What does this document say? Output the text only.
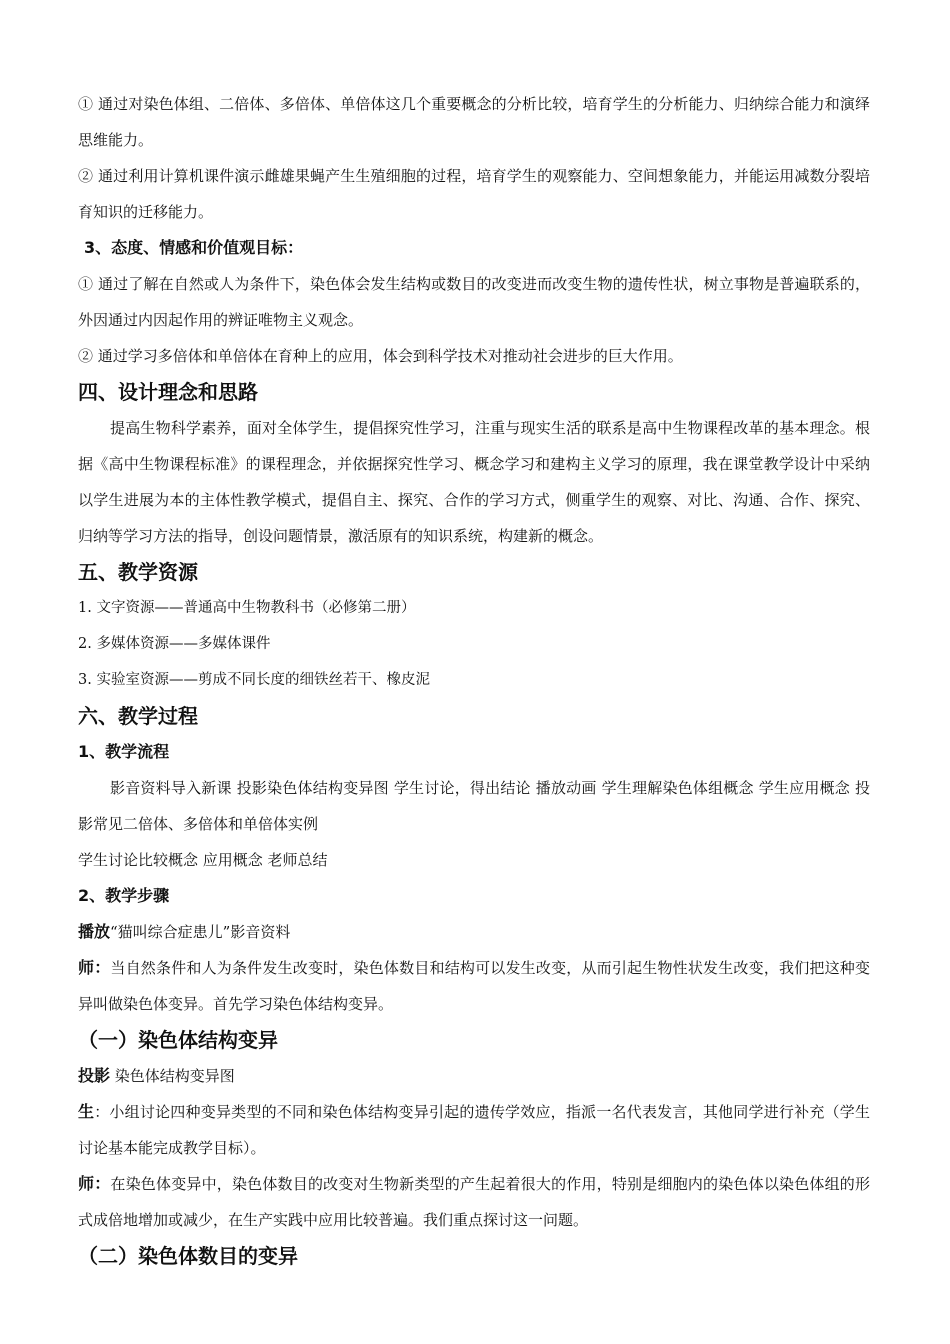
① 通过对染色体组、二倍体、多倍体、单倍体这几个重要概念的分析比较，培育学生的分析能力、归纳综合能力和演绎思维能力。

② 通过利用计算机课件演示雌雄果蝇产生生殖细胞的过程，培育学生的观察能力、空间想象能力，并能运用减数分裂培育知识的迁移能力。

3、态度、情感和价值观目标：

① 通过了解在自然或人为条件下，染色体会发生结构或数目的改变进而改变生物的遗传性状，树立事物是普遍联系的，外因通过内因起作用的辨证唯物主义观念。

② 通过学习多倍体和单倍体在育种上的应用，体会到科学技术对推动社会进步的巨大作用。

四、设计理念和思路

提高生物科学素养，面对全体学生，提倡探究性学习，注重与现实生活的联系是高中生物课程改革的基本理念。根据《高中生物课程标准》的课程理念，并依据探究性学习、概念学习和建构主义学习的原理，我在课堂教学设计中采纳以学生进展为本的主体性教学模式，提倡自主、探究、合作的学习方式，侧重学生的观察、对比、沟通、合作、探究、归纳等学习方法的指导，创设问题情景，激活原有的知识系统，构建新的概念。

五、教学资源

1. 文字资源——普通高中生物教科书（必修第二册）

2. 多媒体资源——多媒体课件

3. 实验室资源——剪成不同长度的细铁丝若干、橡皮泥

六、教学过程

1、教学流程

影音资料导入新课 投影染色体结构变异图 学生讨论，得出结论 播放动画 学生理解染色体组概念 学生应用概念 投影常见二倍体、多倍体和单倍体实例

学生讨论比较概念 应用概念 老师总结

2、教学步骤

播放“猫叫综合症患儿”影音资料

师：当自然条件和人为条件发生改变时，染色体数目和结构可以发生改变，从而引起生物性状发生改变，我们把这种变异叫做染色体变异。首先学习染色体结构变异。

（一）染色体结构变异

投影 染色体结构变异图

生：小组讨论四种变异类型的不同和染色体结构变异引起的遗传学效应，指派一名代表发言，其他同学进行补充（学生讨论基本能完成教学目标）。

师：在染色体变异中，染色体数目的改变对生物新类型的产生起着很大的作用，特别是细胞内的染色体以染色体组的形式成倍地增加或减少，在生产实践中应用比较普遍。我们重点探讨这一问题。

（二）染色体数目的变异
